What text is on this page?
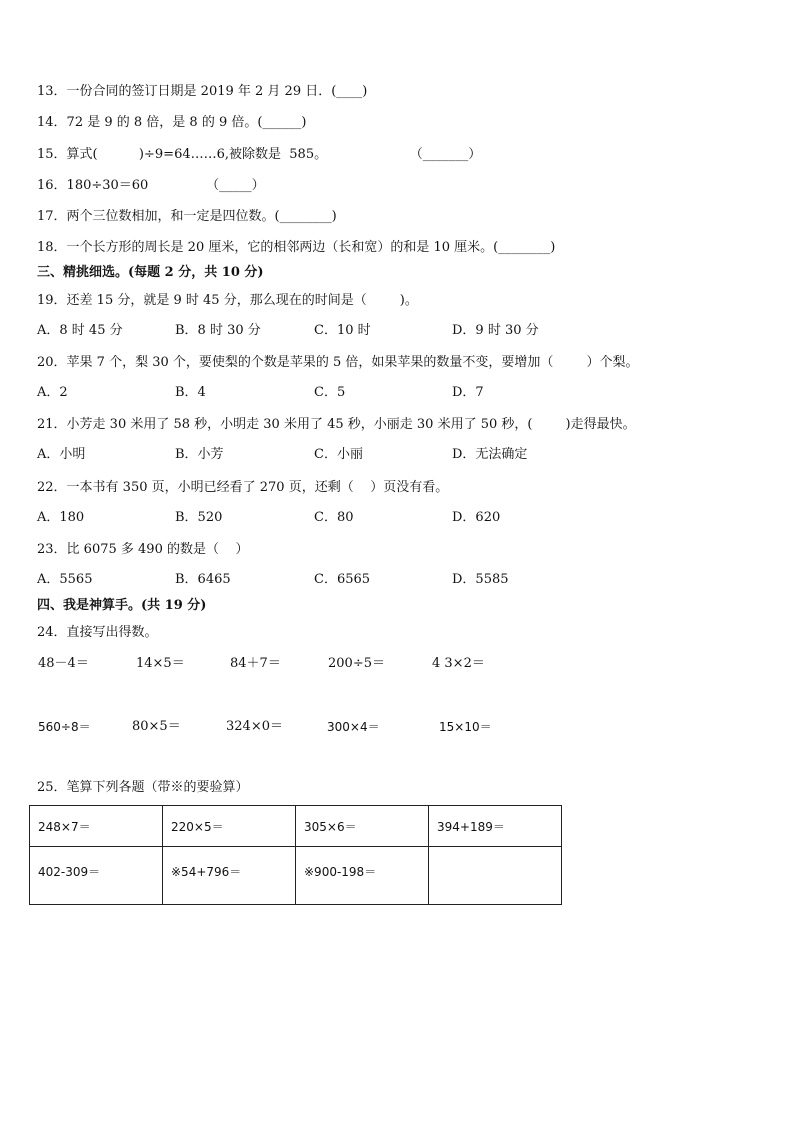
13．一份合同的签订日期是 2019 年 2 月 29 日．(____)
14．72 是 9 的 8 倍，是 8 的 9 倍。(______)
15．算式(          )÷9=64……6,被除数是  585。                    （_______）
16．180÷30＝60              （_____）
17．两个三位数相加，和一定是四位数。(________)
18．一个长方形的周长是 20 厘米，它的相邻两边（长和宽）的和是 10 厘米。(________)
三、精挑细选。(每题 2 分，共 10 分)
19．还差 15 分，就是 9 时 45 分，那么现在的时间是（        )。
A．8 时 45 分	B．8 时 30 分	C．10 时	D．9 时 30 分
20．苹果 7 个，梨 30 个，要使梨的个数是苹果的 5 倍，如果苹果的数量不变，要增加（        ）个梨。
A．2	B．4	C．5	D．7
21．小芳走 30 米用了 58 秒，小明走 30 米用了 45 秒，小丽走 30 米用了 50 秒，(        )走得最快。
A．小明	B．小芳	C．小丽	D．无法确定
22．一本书有 350 页，小明已经看了 270 页，还剩（    ）页没有看。
A．180	B．520	C．80	D．620
23．比 6075 多 490 的数是（    ）
A．5565	B．6465	C．6565	D．5585
四、我是神算手。(共 19 分)
24．直接写出得数。
48－4＝	14×5＝	84＋7＝	200÷5＝	4 3×2＝
560÷8＝	80×5＝	324×0＝	300×4＝	15×10＝
25．笔算下列各题（带※的要验算）
248×7＝	220×5＝	305×6＝	394+189＝
402-309＝	※54+796＝	※900-198＝	
